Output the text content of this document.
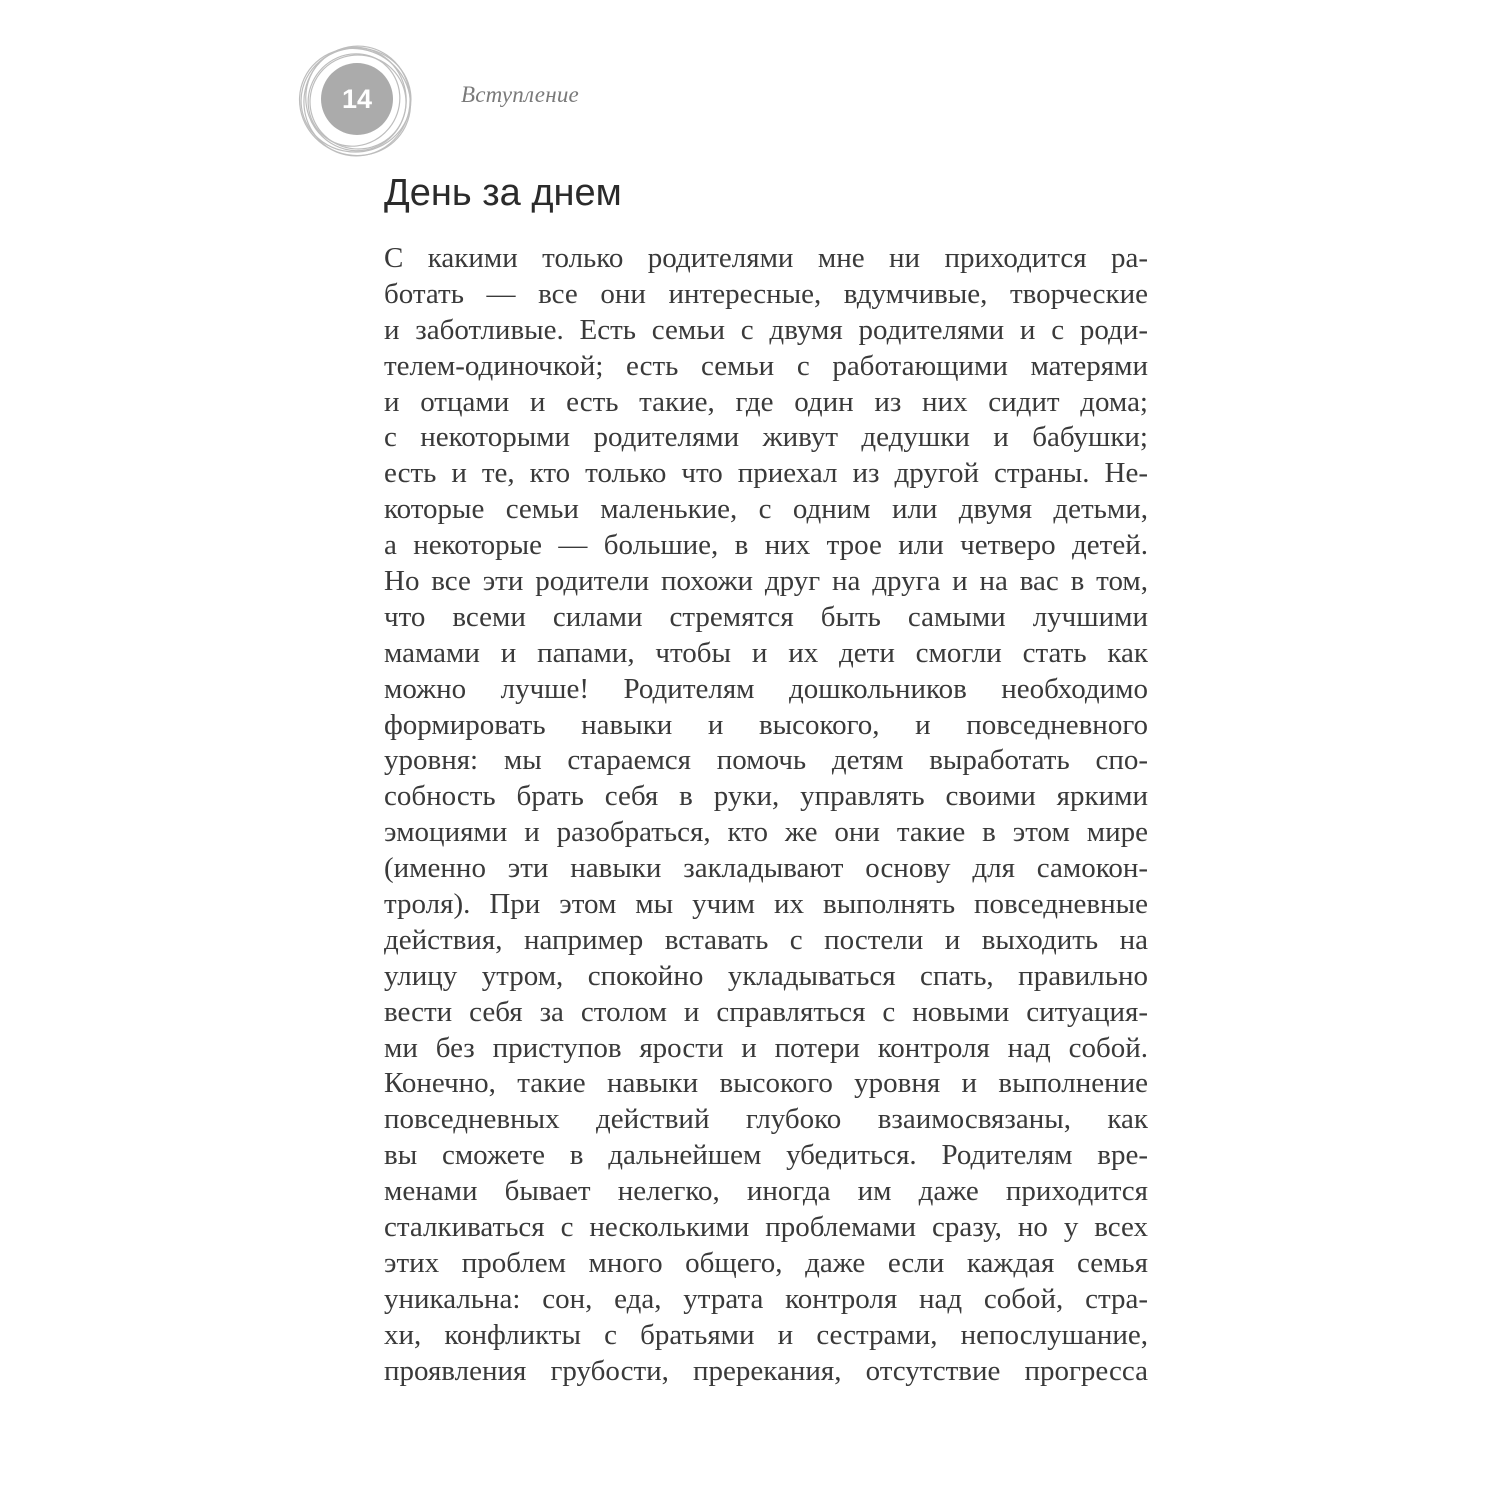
14	Вступление
День за днем
С какими только родителями мне ни приходится ра-
ботать — все они интересные, вдумчивые, творческие
и заботливые. Есть семьи с двумя родителями и с роди-
телем-одиночкой; есть семьи с работающими матерями
и отцами и есть такие, где один из них сидит дома;
с некоторыми родителями живут дедушки и бабушки;
есть и те, кто только что приехал из другой страны. Не-
которые семьи маленькие, с одним или двумя детьми,
а некоторые — большие, в них трое или четверо детей.
Но все эти родители похожи друг на друга и на вас в том,
что всеми силами стремятся быть самыми лучшими
мамами и папами, чтобы и их дети смогли стать как
можно лучше! Родителям дошкольников необходимо
формировать навыки и высокого, и повседневного
уровня: мы стараемся помочь детям выработать спо-
собность брать себя в руки, управлять своими яркими
эмоциями и разобраться, кто же они такие в этом мире
(именно эти навыки закладывают основу для самокон-
троля). При этом мы учим их выполнять повседневные
действия, например вставать с постели и выходить на
улицу утром, спокойно укладываться спать, правильно
вести себя за столом и справляться с новыми ситуация-
ми без приступов ярости и потери контроля над собой.
Конечно, такие навыки высокого уровня и выполнение
повседневных действий глубоко взаимосвязаны, как
вы сможете в дальнейшем убедиться. Родителям вре-
менами бывает нелегко, иногда им даже приходится
сталкиваться с несколькими проблемами сразу, но у всех
этих проблем много общего, даже если каждая семья
уникальна: сон, еда, утрата контроля над собой, стра-
хи, конфликты с братьями и сестрами, непослушание,
проявления грубости, пререкания, отсутствие прогресса
